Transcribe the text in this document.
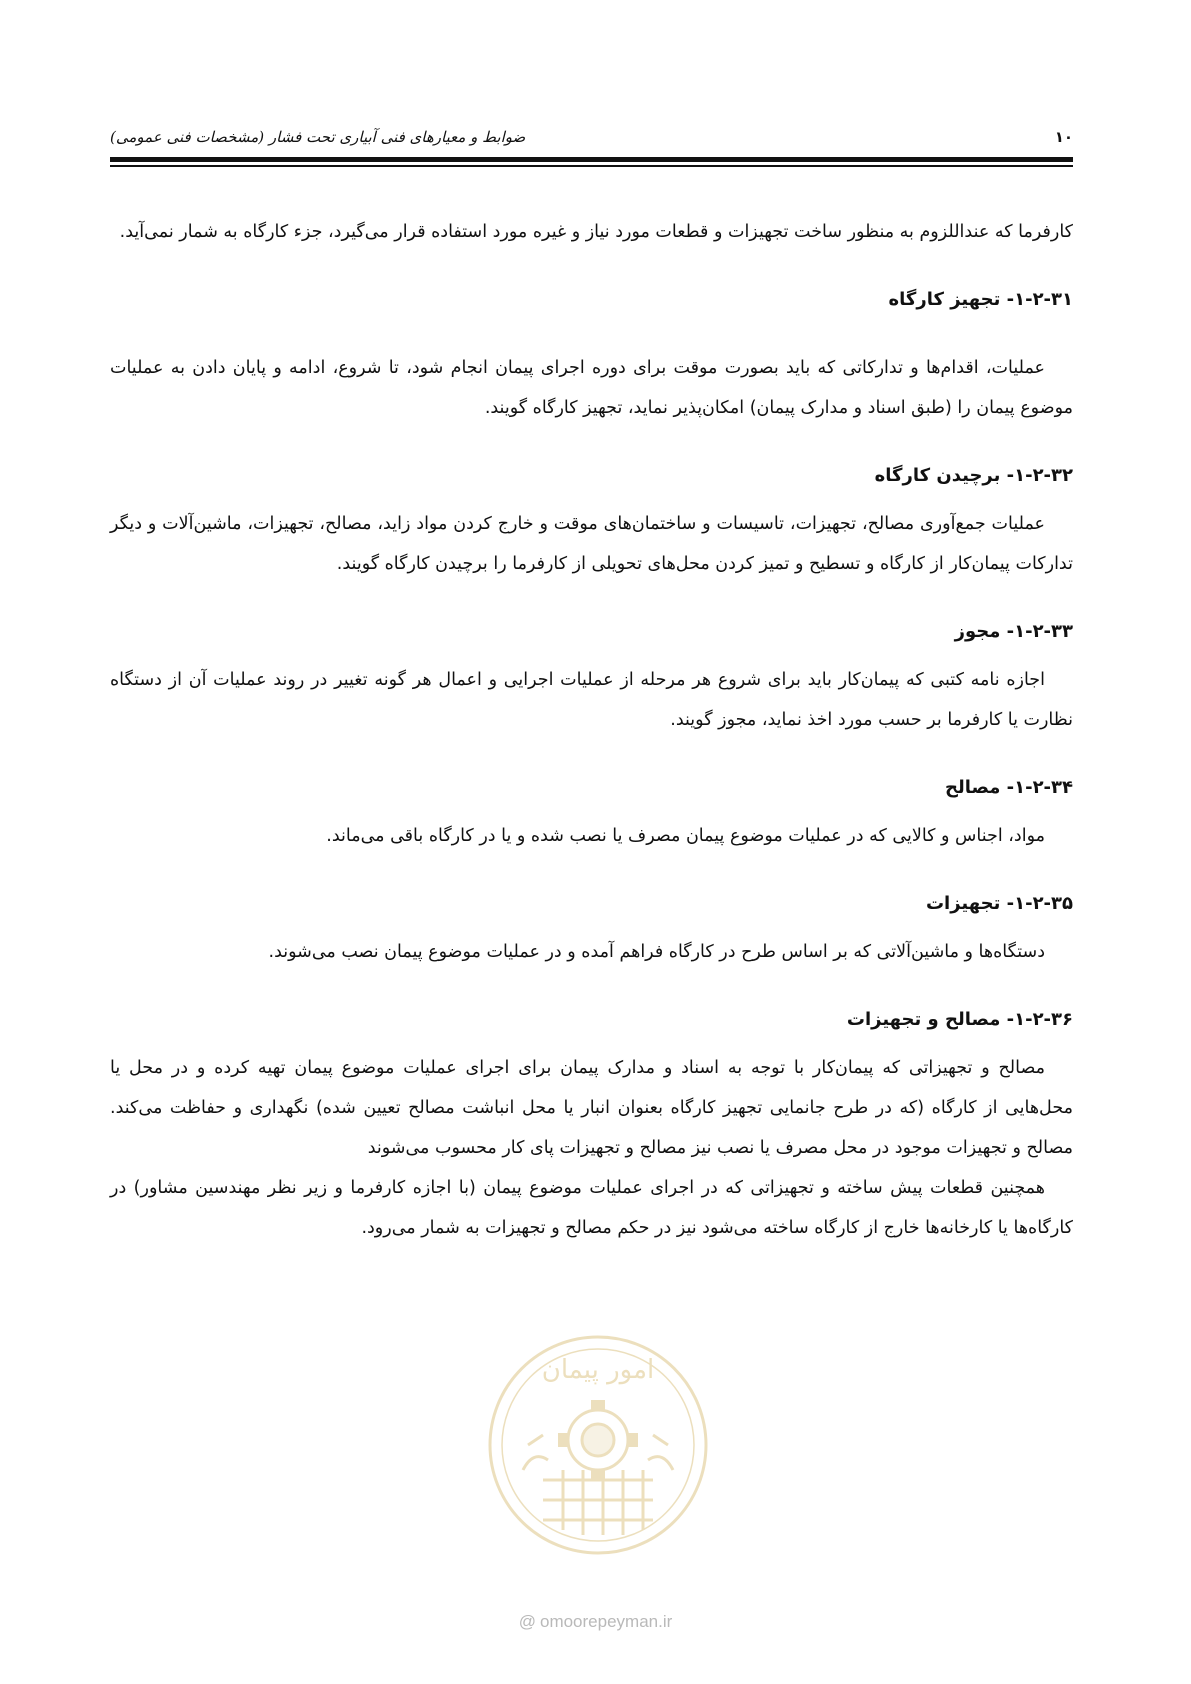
ضوابط و معیارهای فنی آبیاری تحت فشار (مشخصات فنی عمومی)	۱۰

کارفرما که عنداللزوم به منظور ساخت تجهیزات و قطعات مورد نیاز و غیره مورد استفاده قرار می‌گیرد، جزء کارگاه به شمار نمی‌آید.

۱-۲-۳۱- تجهیز کارگاه

عملیات، اقدام‌ها و تدارکاتی که باید بصورت موقت برای دوره اجرای پیمان انجام شود، تا شروع، ادامه و پایان دادن به عملیات موضوع پیمان را (طبق اسناد و مدارک پیمان) امکان‌پذیر نماید، تجهیز کارگاه گویند.

۱-۲-۳۲- برچیدن کارگاه

عملیات جمع‌آوری مصالح، تجهیزات، تاسیسات و ساختمان‌های موقت و خارج کردن مواد زاید، مصالح، تجهیزات، ماشین‌آلات و دیگر تدارکات پیمان‌کار از کارگاه و تسطیح و تمیز کردن محل‌های تحویلی از کارفرما را برچیدن کارگاه گویند.

۱-۲-۳۳- مجوز

اجازه نامه کتبی که پیمان‌کار باید برای شروع هر مرحله از عملیات اجرایی و اعمال هر گونه تغییر در روند عملیات آن از دستگاه نظارت یا کارفرما بر حسب مورد اخذ نماید، مجوز گویند.

۱-۲-۳۴- مصالح

مواد، اجناس و کالایی که در عملیات موضوع پیمان مصرف یا نصب شده و یا در کارگاه باقی می‌ماند.

۱-۲-۳۵- تجهیزات

دستگاه‌ها و ماشین‌آلاتی که بر اساس طرح در کارگاه فراهم آمده و در عملیات موضوع پیمان نصب می‌شوند.

۱-۲-۳۶- مصالح و تجهیزات

مصالح و تجهیزاتی که پیمان‌کار با توجه به اسناد و مدارک پیمان برای اجرای عملیات موضوع پیمان تهیه کرده و در محل یا محل‌هایی از کارگاه (که در طرح جانمایی تجهیز کارگاه بعنوان انبار یا محل انباشت مصالح تعیین شده) نگهداری و حفاظت می‌کند. مصالح و تجهیزات موجود در محل مصرف یا نصب نیز مصالح و تجهیزات پای کار محسوب می‌شوند

همچنین قطعات پیش ساخته و تجهیزاتی که در اجرای عملیات موضوع پیمان (با اجازه کارفرما و زیر نظر مهندسین مشاور) در کارگاه‌ها یا کارخانه‌ها خارج از کارگاه ساخته می‌شود نیز در حکم مصالح و تجهیزات به شمار می‌رود.

امور پیمان
@ omoorepeyman.ir
